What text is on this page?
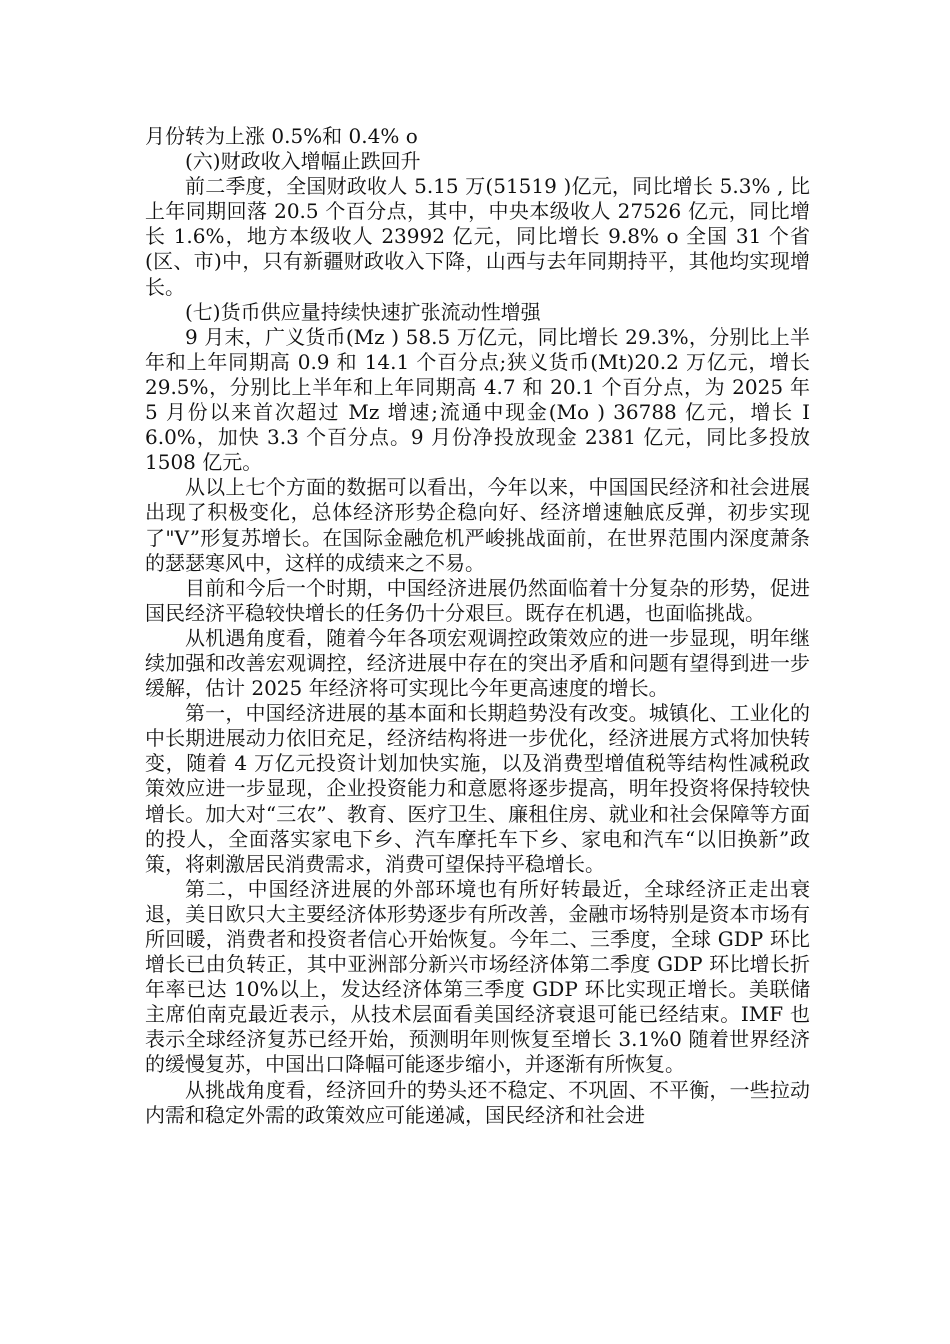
月份转为上涨 0.5%和 0.4% o

(六)财政收入增幅止跌回升

前二季度，全国财政收人 5.15 万(51519 )亿元，同比增长 5.3% , 比上年同期回落 20.5 个百分点，其中，中央本级收人 27526 亿元，同比增长 1.6%，地方本级收人 23992 亿元，同比增长 9.8% o 全国 31 个省(区、市)中，只有新疆财政收入下降，山西与去年同期持平，其他均实现增长。

(七)货币供应量持续快速扩张流动性增强

9 月末，广义货币(Mz ) 58.5 万亿元，同比增长 29.3%，分别比上半年和上年同期高 0.9 和 14.1 个百分点;狭义货币(Mt)20.2 万亿元，增长 29.5%，分别比上半年和上年同期高 4.7 和 20.1 个百分点，为 2025 年 5 月份以来首次超过 Mz 增速;流通中现金(Mo ) 36788 亿元，增长 I 6.0%，加快 3.3 个百分点。9 月份净投放现金 2381 亿元，同比多投放 1508 亿元。

从以上七个方面的数据可以看出，今年以来，中国国民经济和社会进展出现了积极变化，总体经济形势企稳向好、经济增速触底反弹，初步实现了"V”形复苏增长。在国际金融危机严峻挑战面前，在世界范围内深度萧条的瑟瑟寒风中，这样的成绩来之不易。

目前和今后一个时期，中国经济进展仍然面临着十分复杂的形势，促进国民经济平稳较快增长的任务仍十分艰巨。既存在机遇，也面临挑战。

从机遇角度看，随着今年各项宏观调控政策效应的进一步显现，明年继续加强和改善宏观调控，经济进展中存在的突出矛盾和问题有望得到进一步缓解，估计 2025 年经济将可实现比今年更高速度的增长。

第一，中国经济进展的基本面和长期趋势没有改变。城镇化、工业化的中长期进展动力依旧充足，经济结构将进一步优化，经济进展方式将加快转变，随着 4 万亿元投资计划加快实施，以及消费型增值税等结构性减税政策效应进一步显现，企业投资能力和意愿将逐步提高，明年投资将保持较快增长。加大对“三农”、教育、医疗卫生、廉租住房、就业和社会保障等方面的投人，全面落实家电下乡、汽车摩托车下乡、家电和汽车“以旧换新”政策，将刺激居民消费需求，消费可望保持平稳增长。

第二，中国经济进展的外部环境也有所好转最近，全球经济正走出衰退，美日欧只大主要经济体形势逐步有所改善，金融市场特别是资本市场有所回暖，消费者和投资者信心开始恢复。今年二、三季度，全球 GDP 环比增长已由负转正，其中亚洲部分新兴市场经济体第二季度 GDP 环比增长折年率已达 10%以上，发达经济体第三季度 GDP 环比实现正增长。美联储主席伯南克最近表示，从技术层面看美国经济衰退可能已经结束。IMF 也表示全球经济复苏已经开始，预测明年则恢复至增长 3.1%0 随着世界经济的缓慢复苏，中国出口降幅可能逐步缩小，并逐渐有所恢复。

从挑战角度看，经济回升的势头还不稳定、不巩固、不平衡，一些拉动内需和稳定外需的政策效应可能递减，国民经济和社会进
